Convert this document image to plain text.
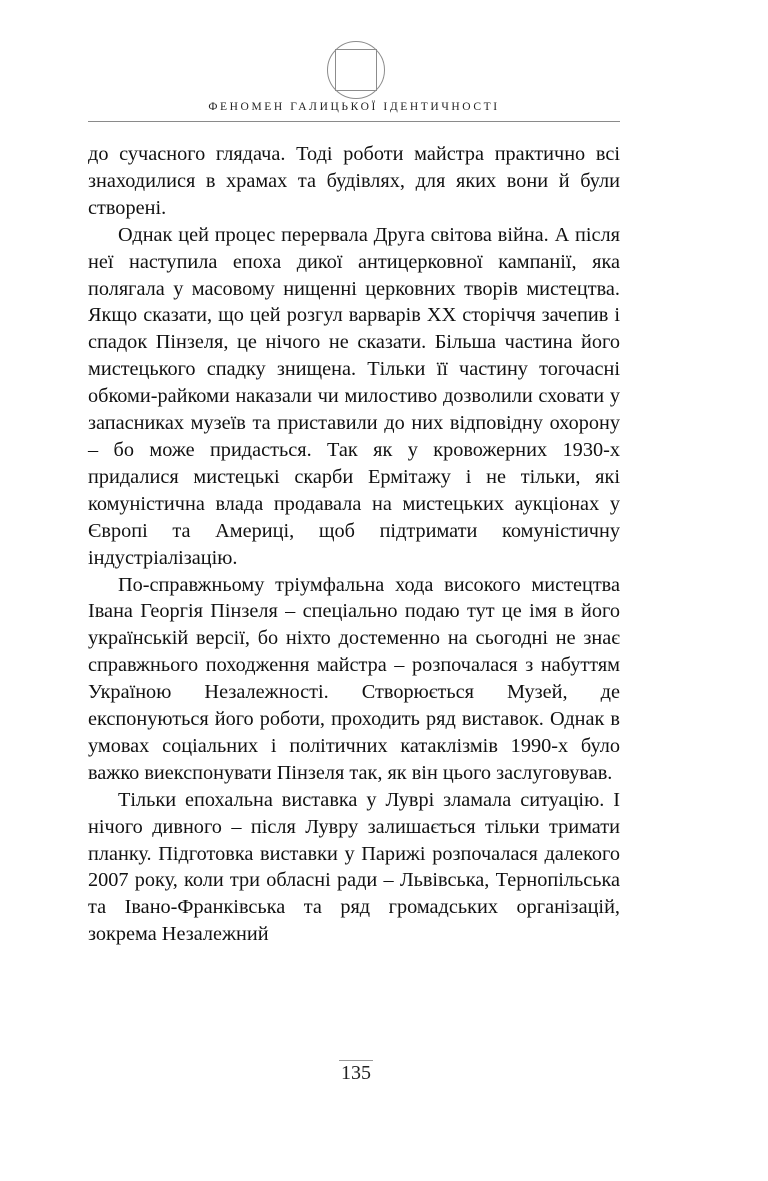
ФЕНОМЕН ГАЛИЦЬКОЇ ІДЕНТИЧНОСТІ

до сучасного глядача. Тоді роботи майстра практично всі знаходилися в храмах та будівлях, для яких вони й були створені.

Однак цей процес перервала Друга світова війна. А після неї наступила епоха дикої антицерковної кампанії, яка полягала у масовому нищенні церковних творів мистецтва. Якщо сказати, що цей розгул варварів ХХ сторіччя зачепив і спадок Пінзеля, це нічого не сказати. Більша частина його мистецького спадку знищена. Тільки її частину тогочасні обкоми-райкоми наказали чи милостиво дозволили сховати у запасниках музеїв та приставили до них відповідну охорону – бо може придасться. Так як у кровожерних 1930-х придалися мистецькі скарби Ермітажу і не тільки, які комуністична влада продавала на мистецьких аукціонах у Європі та Америці, щоб підтримати комуністичну індустріалізацію.

По-справжньому тріумфальна хода високого мистецтва Івана Георгія Пінзеля – спеціально подаю тут це імя в його українській версії, бо ніхто достеменно на сьогодні не знає справжнього походження майстра – розпочалася з набуттям Україною Незалежності. Створюється Музей, де експонуються його роботи, проходить ряд виставок. Однак в умовах соціальних і політичних катаклізмів 1990-х було важко виекспонувати Пінзеля так, як він цього заслуговував.

Тільки епохальна виставка у Луврі зламала ситуацію. І нічого дивного – після Лувру залишається тільки тримати планку. Підготовка виставки у Парижі розпочалася далекого 2007 року, коли три обласні ради – Львівська, Тернопільська та Івано-Франківська та ряд громадських організацій, зокрема Незалежний

135
